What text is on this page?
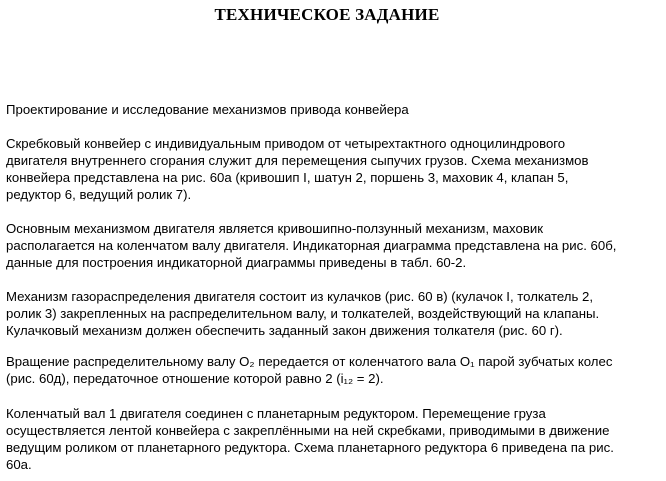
ТЕХНИЧЕСКОЕ ЗАДАНИЕ

Проектирование и исследование механизмов привода конвейера

Скребковый конвейер с индивидуальным приводом от четырехтактного одноцилиндрового
двигателя внутреннего сгорания служит для перемещения сыпучих грузов. Схема механизмов
конвейера представлена на рис. 60а (кривошип I, шатун 2, поршень 3, маховик 4, клапан 5,
редуктор 6, ведущий ролик 7).

Основным механизмом двигателя является кривошипно-ползунный механизм, маховик
располагается на коленчатом валу двигателя. Индикаторная диаграмма представлена на рис. 60б,
данные для построения индикаторной диаграммы приведены в табл. 60-2.

Механизм газораспределения двигателя состоит из кулачков (рис. 60 в) (кулачок I, толкатель 2,
ролик 3) закрепленных на распределительном валу, и толкателей, воздействующий на клапаны.
Кулачковый механизм должен обеспечить заданный закон движения толкателя (рис. 60 г).

Вращение распределительному валу O₂ передается от коленчатого вала O₁ парой зубчатых колес
(рис. 60д), передаточное отношение которой равно 2 (i₁₂ = 2).

Коленчатый вал 1 двигателя соединен с планетарным редуктором. Перемещение груза
осуществляется лентой конвейера с закреплёнными на ней скребками, приводимыми в движение
ведущим роликом от планетарного редуктора. Схема планетарного редуктора 6 приведена па рис.
60а.
